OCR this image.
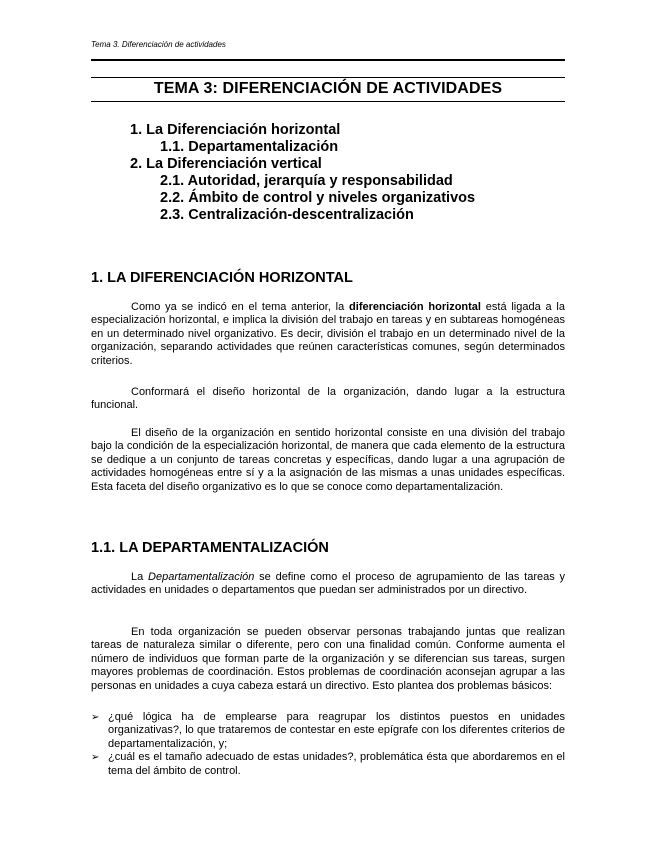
Tema 3. Diferenciación de actividades
TEMA 3: DIFERENCIACIÓN DE ACTIVIDADES
1. La Diferenciación horizontal
1.1. Departamentalización
2. La Diferenciación vertical
2.1. Autoridad, jerarquía y responsabilidad
2.2. Ámbito de control y niveles organizativos
2.3. Centralización-descentralización
1. LA DIFERENCIACIÓN HORIZONTAL
Como ya se indicó en el tema anterior, la diferenciación horizontal está ligada a la especialización horizontal, e implica la división del trabajo en tareas y en subtareas homogéneas en un determinado nivel organizativo. Es decir, división el trabajo en un determinado nivel de la organización, separando actividades que reúnen características comunes, según determinados criterios.
Conformará el diseño horizontal de la organización, dando lugar a la estructura funcional.
El diseño de la organización en sentido horizontal consiste en una división del trabajo bajo la condición de la especialización horizontal, de manera que cada elemento de la estructura se dedique a un conjunto de tareas concretas y específicas, dando lugar a una agrupación de actividades homogéneas entre sí y a la asignación de las mismas a unas unidades específicas. Esta faceta del diseño organizativo es lo que se conoce como departamentalización.
1.1. LA DEPARTAMENTALIZACIÓN
La Departamentalización se define como el proceso de agrupamiento de las tareas y actividades en unidades o departamentos que puedan ser administrados por un directivo.
En toda organización se pueden observar personas trabajando juntas que realizan tareas de naturaleza similar o diferente, pero con una finalidad común. Conforme aumenta el número de individuos que forman parte de la organización y se diferencian sus tareas, surgen mayores problemas de coordinación. Estos problemas de coordinación aconsejan agrupar a las personas en unidades a cuya cabeza estará un directivo. Esto plantea dos problemas básicos:
➢ ¿qué lógica ha de emplearse para reagrupar los distintos puestos en unidades organizativas?, lo que trataremos de contestar en este epígrafe con los diferentes criterios de departamentalización, y;
➢ ¿cuál es el tamaño adecuado de estas unidades?, problemática ésta que abordaremos en el tema del ámbito de control.
